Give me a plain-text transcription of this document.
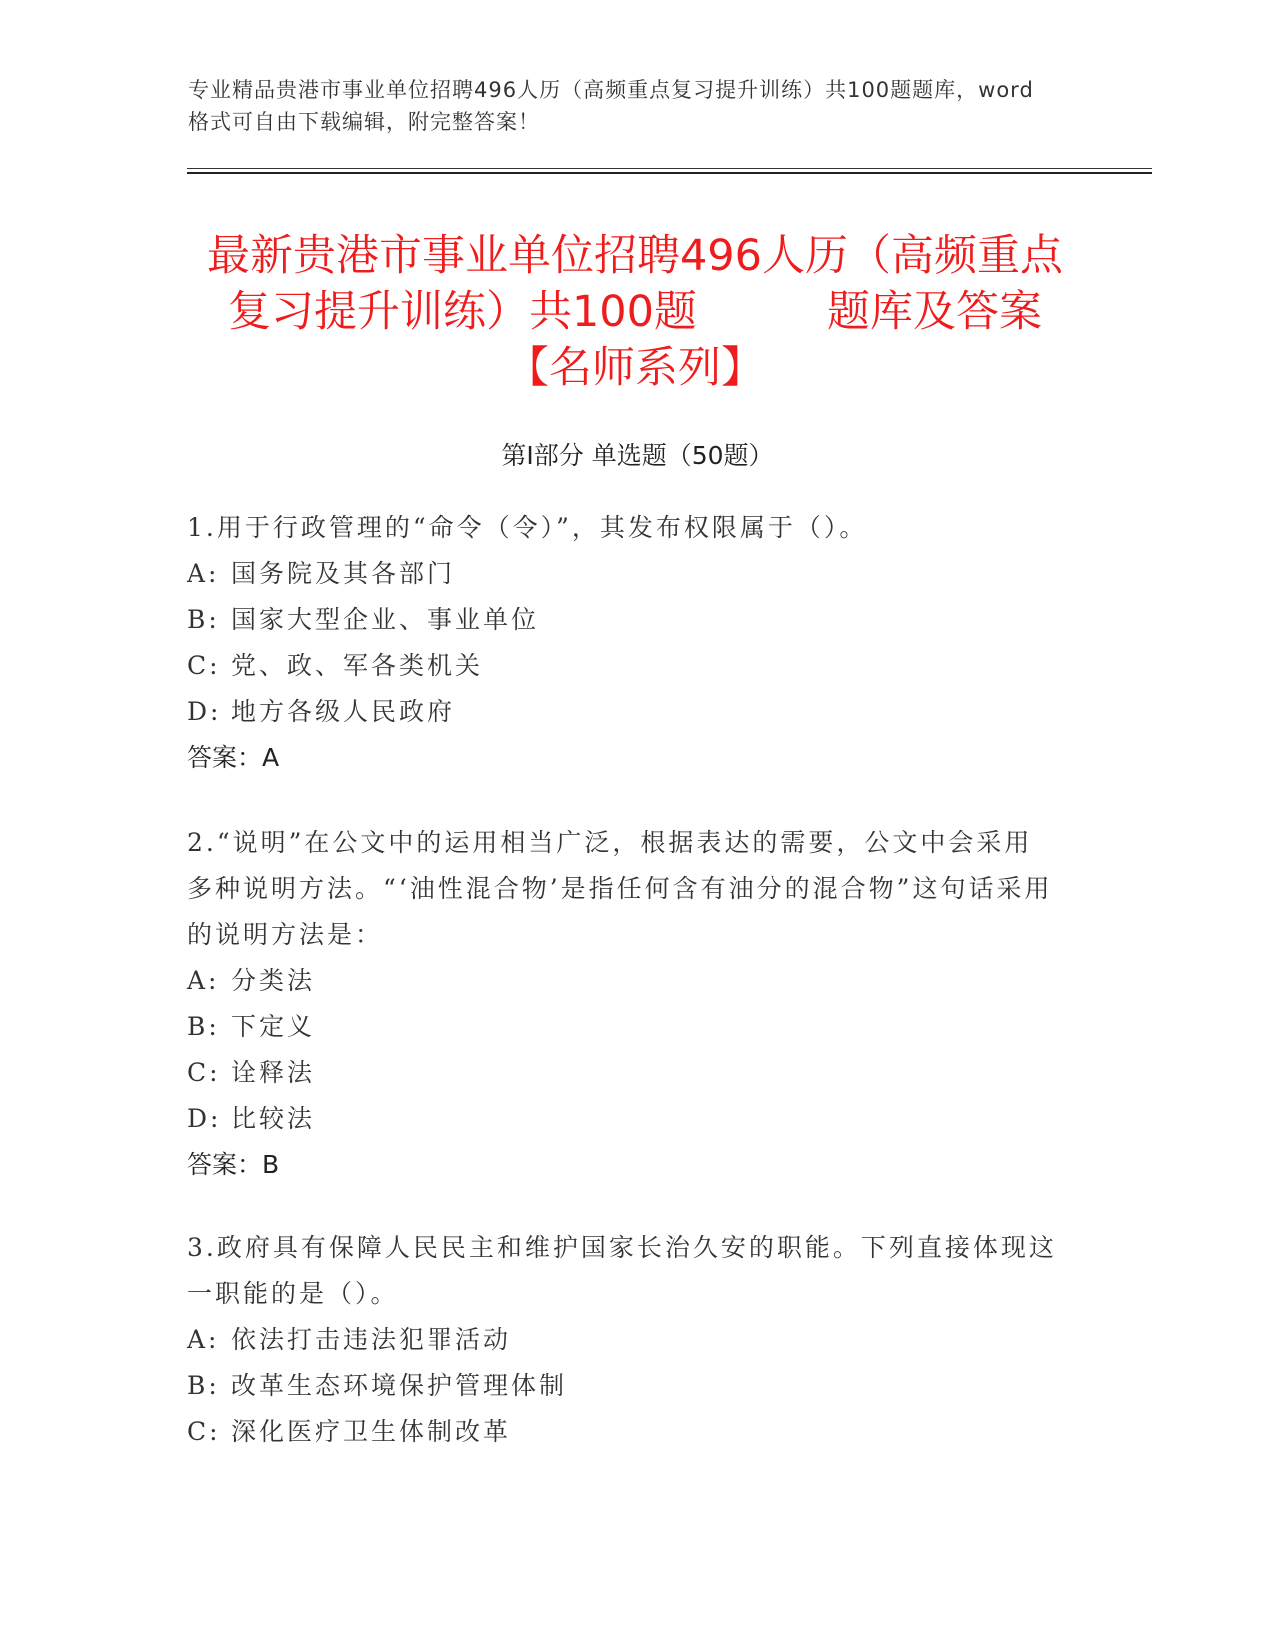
专业精品贵港市事业单位招聘496人历（高频重点复习提升训练）共100题题库，word格式可自由下载编辑，附完整答案！
最新贵港市事业单位招聘496人历（高频重点复习提升训练）共100题	题库及答案【名师系列】
第Ⅰ部分 单选题（50题）
1.用于行政管理的“命令（令）”，其发布权限属于（）。
A: 国务院及其各部门
B: 国家大型企业、事业单位
C: 党、政、军各类机关
D: 地方各级人民政府
答案：A
2.“说明”在公文中的运用相当广泛，根据表达的需要，公文中会采用多种说明方法。“‘油性混合物’是指任何含有油分的混合物”这句话采用的说明方法是：
A: 分类法
B: 下定义
C: 诠释法
D: 比较法
答案：B
3.政府具有保障人民民主和维护国家长治久安的职能。下列直接体现这一职能的是（）。
A: 依法打击违法犯罪活动
B: 改革生态环境保护管理体制
C: 深化医疗卫生体制改革
